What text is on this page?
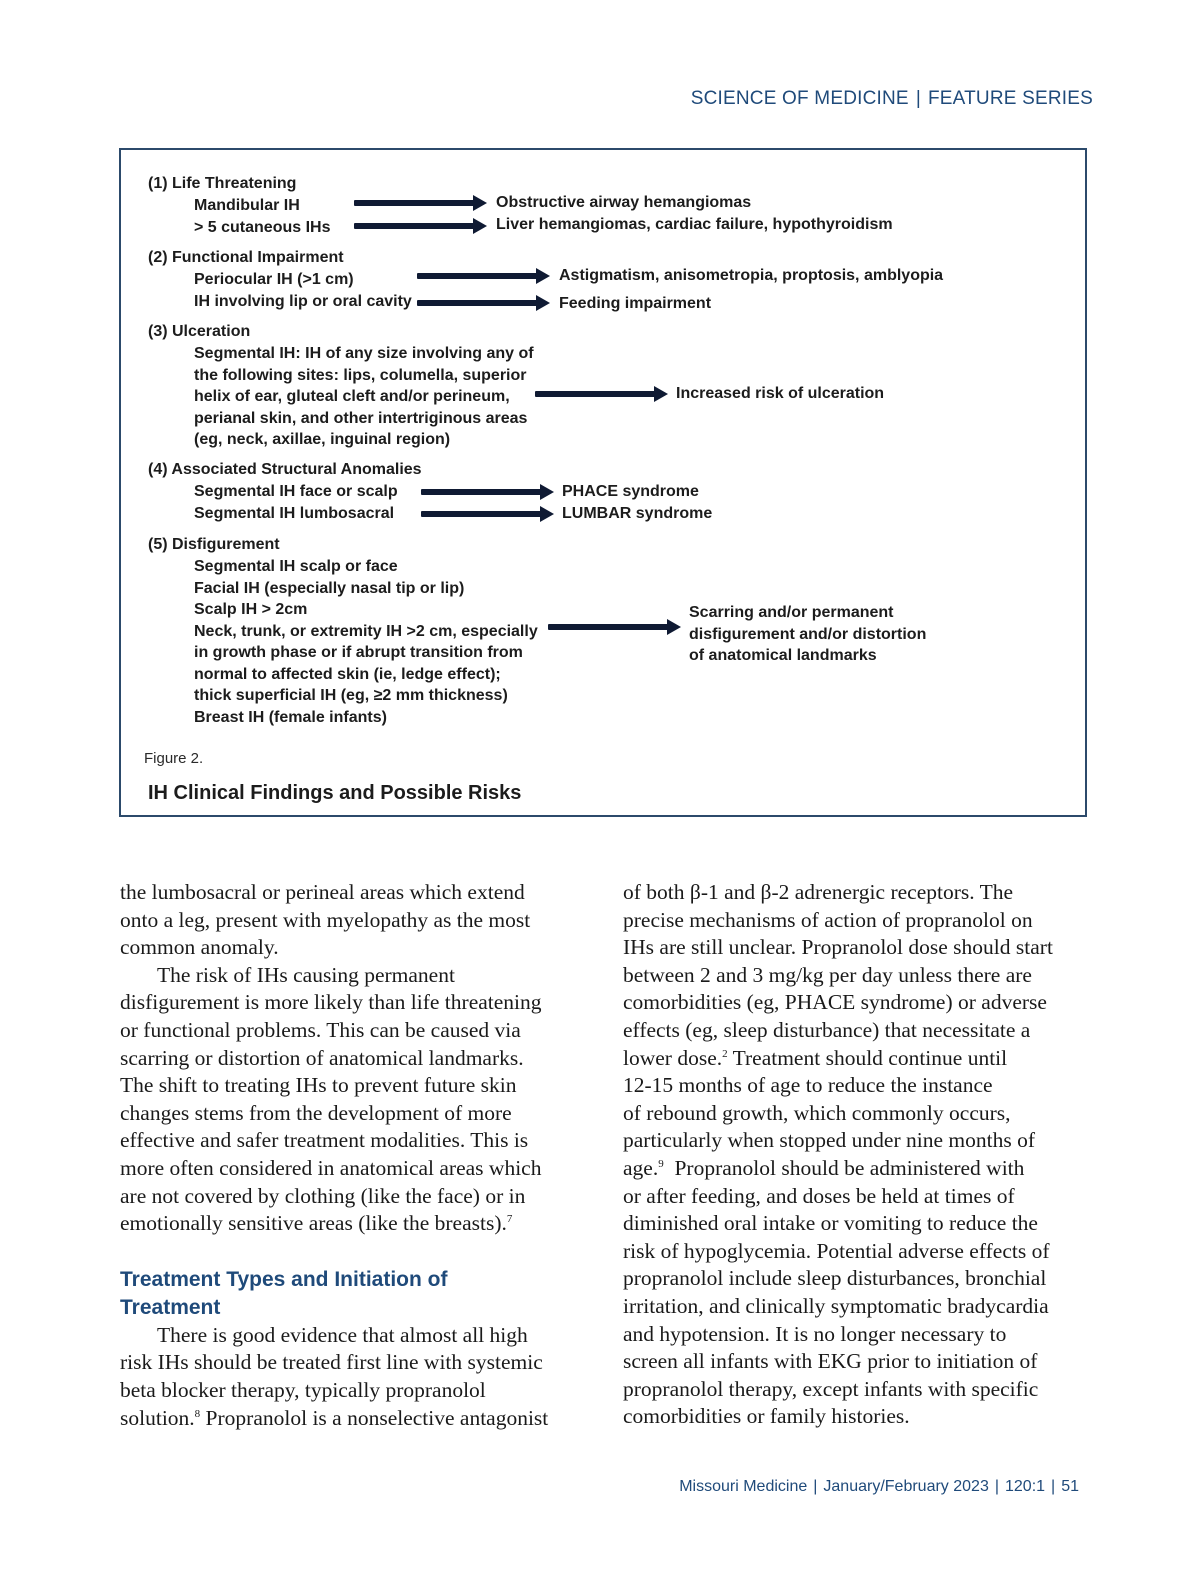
SCIENCE OF MEDICINE | FEATURE SERIES
(1) Life Threatening
Mandibular IH
> 5 cutaneous IHs
Obstructive airway hemangiomas
Liver hemangiomas, cardiac failure, hypothyroidism
(2) Functional Impairment
Periocular IH (>1 cm)
IH involving lip or oral cavity
Astigmatism, anisometropia, proptosis, amblyopia
Feeding impairment
(3) Ulceration
Segmental IH: IH of any size involving any of
the following sites: lips, columella, superior
helix of ear, gluteal cleft and/or perineum,
perianal skin, and other intertriginous areas
(eg, neck, axillae, inguinal region)
Increased risk of ulceration
(4) Associated Structural Anomalies
Segmental IH face or scalp
Segmental IH lumbosacral
PHACE syndrome
LUMBAR syndrome
(5) Disfigurement
Segmental IH scalp or face
Facial IH (especially nasal tip or lip)
Scalp IH > 2cm
Neck, trunk, or extremity IH >2 cm, especially
in growth phase or if abrupt transition from
normal to affected skin (ie, ledge effect);
thick superficial IH (eg, ≥2 mm thickness)
Breast IH (female infants)
Scarring and/or permanent
disfigurement and/or distortion
of anatomical landmarks
Figure 2.
IH Clinical Findings and Possible Risks

the lumbosacral or perineal areas which extend

onto a leg, present with myelopathy as the most

common anomaly.

The risk of IHs causing permanent

disfigurement is more likely than life threatening

or functional problems. This can be caused via

scarring or distortion of anatomical landmarks.

The shift to treating IHs to prevent future skin

changes stems from the development of more

effective and safer treatment modalities. This is

more often considered in anatomical areas which

are not covered by clothing (like the face) or in

emotionally sensitive areas (like the breasts).$^7$

Treatment Types and Initiation of
Treatment

There is good evidence that almost all high

risk IHs should be treated first line with systemic

beta blocker therapy, typically propranolol

solution.$^8$ Propranolol is a nonselective antagonist

of both β-1 and β-2 adrenergic receptors. The

precise mechanisms of action of propranolol on

IHs are still unclear. Propranolol dose should start

between 2 and 3 mg/kg per day unless there are

comorbidities (eg, PHACE syndrome) or adverse

effects (eg, sleep disturbance) that necessitate a

lower dose.$^2$ Treatment should continue until

12-15 months of age to reduce the instance

of rebound growth, which commonly occurs,

particularly when stopped under nine months of

age.$^9$  Propranolol should be administered with

or after feeding, and doses be held at times of

diminished oral intake or vomiting to reduce the

risk of hypoglycemia. Potential adverse effects of

propranolol include sleep disturbances, bronchial

irritation, and clinically symptomatic bradycardia

and hypotension. It is no longer necessary to

screen all infants with EKG prior to initiation of

propranolol therapy, except infants with specific

comorbidities or family histories.

Missouri Medicine | January/February 2023 | 120:1 | 51
